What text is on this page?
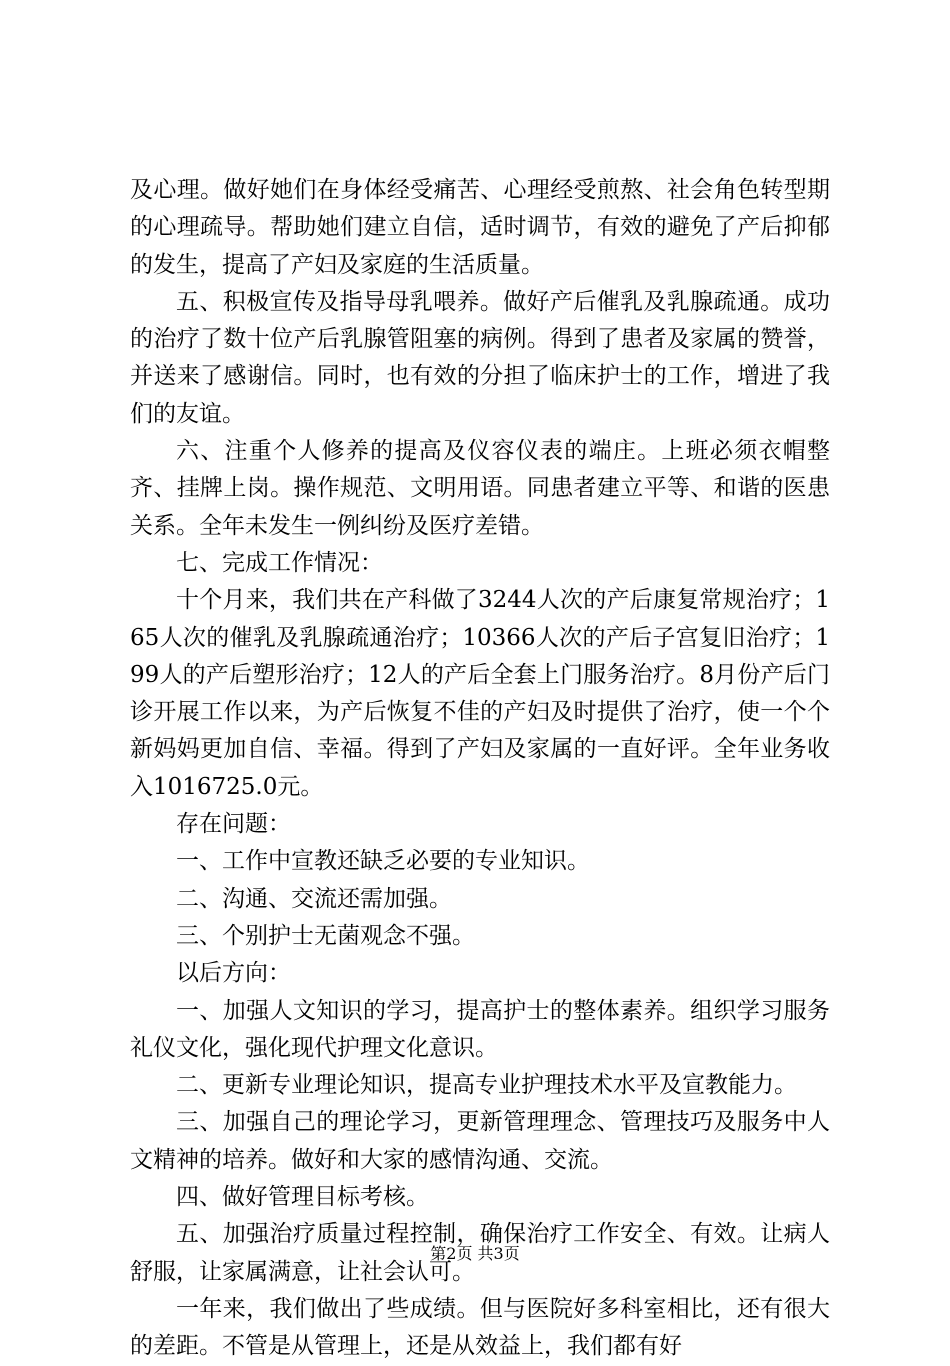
及心理。做好她们在身体经受痛苦、心理经受煎熬、社会角色转型期的心理疏导。帮助她们建立自信，适时调节，有效的避免了产后抑郁的发生，提高了产妇及家庭的生活质量。

五、积极宣传及指导母乳喂养。做好产后催乳及乳腺疏通。成功的治疗了数十位产后乳腺管阻塞的病例。得到了患者及家属的赞誉，并送来了感谢信。同时，也有效的分担了临床护士的工作，增进了我们的友谊。

六、注重个人修养的提高及仪容仪表的端庄。上班必须衣帽整齐、挂牌上岗。操作规范、文明用语。同患者建立平等、和谐的医患关系。全年未发生一例纠纷及医疗差错。

七、完成工作情况：

十个月来，我们共在产科做了3244人次的产后康复常规治疗；165人次的催乳及乳腺疏通治疗；10366人次的产后子宫复旧治疗；199人的产后塑形治疗；12人的产后全套上门服务治疗。8月份产后门诊开展工作以来，为产后恢复不佳的产妇及时提供了治疗，使一个个新妈妈更加自信、幸福。得到了产妇及家属的一直好评。全年业务收入1016725.0元。

存在问题：

一、工作中宣教还缺乏必要的专业知识。

二、沟通、交流还需加强。

三、个别护士无菌观念不强。

以后方向：

一、加强人文知识的学习，提高护士的整体素养。组织学习服务礼仪文化，强化现代护理文化意识。

二、更新专业理论知识，提高专业护理技术水平及宣教能力。

三、加强自己的理论学习，更新管理理念、管理技巧及服务中人文精神的培养。做好和大家的感情沟通、交流。

四、做好管理目标考核。

五、加强治疗质量过程控制，确保治疗工作安全、有效。让病人舒服，让家属满意，让社会认可。

一年来，我们做出了些成绩。但与医院好多科室相比，还有很大的差距。不管是从管理上，还是从效益上，我们都有好

第2页 共3页
